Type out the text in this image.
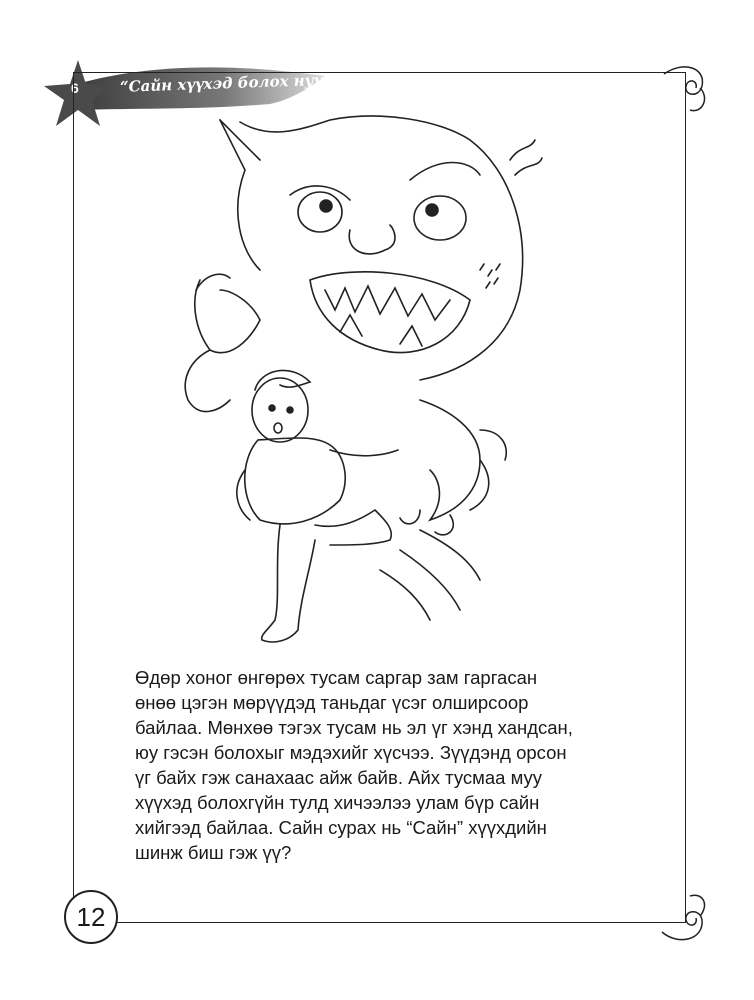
6	“Сайн хүүхэд болох нууц”

Өдөр хоног өнгөрөх тусам саргар зам гаргасан
өнөө цэгэн мөрүүдэд таньдаг үсэг олширсоор
байлаа. Мөнхөө тэгэх тусам нь эл үг хэнд хандсан,
юу гэсэн болохыг мэдэхийг хүсчээ. Зүүдэнд орсон
үг байх гэж санахаас айж байв. Айх тусмаа муу
хүүхэд болохгүйн тулд хичээлээ улам бүр сайн
хийгээд байлаа. Сайн сурах нь “Сайн” хүүхдийн
шинж биш гэж үү?

12
